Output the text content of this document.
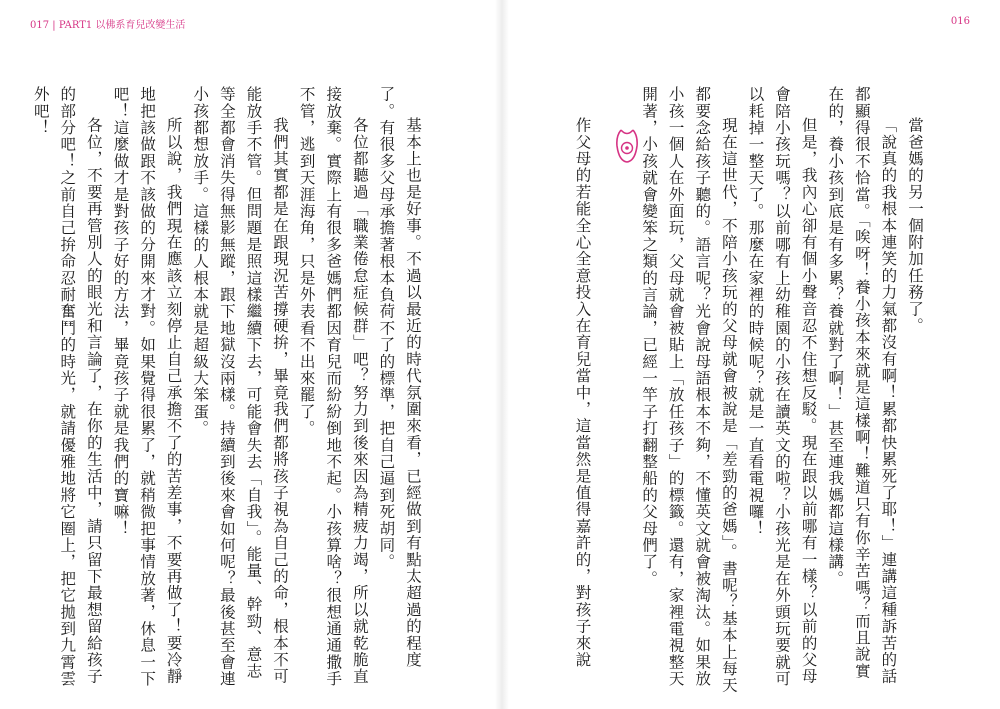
017 | PART1 以佛系育兒改變生活	016

當爸媽的另一個附加任務了。

「說真的我根本連笑的力氣都沒有啊！累都快累死了耶！」連講這種訴苦的話都顯得很不恰當。「唉呀！養小孩本來就是這樣啊！難道只有你辛苦嗎？而且說實在的，養小孩到底是有多累？養就對了啊！」甚至連我媽都這樣講。

但是，我內心卻有個小聲音忍不住想反駁。現在跟以前哪有一樣？以前的父母會陪小孩玩嗎？以前哪有上幼稚園的小孩在讀英文的啦？小孩光是在外頭玩要就可以耗掉一整天了。那麼在家裡的時候呢？就是一直看電視囉！

現在這世代，不陪小孩玩的父母就會被說是「差勁的爸媽」。書呢？基本上每天都要念給孩子聽的。語言呢？光會說母語根本不夠，不懂英文就會被淘汰。如果放小孩一個人在外面玩，父母就會被貼上「放任孩子」的標籤。還有，家裡電視整天開著，小孩就會變笨之類的言論，已經一竿子打翻整船的父母們了。

作父母的若能全心全意投入在育兒當中，這當然是值得嘉許的，對孩子來說

基本上也是好事。不過以最近的時代氛圍來看，已經做到有點太超過的程度了。有很多父母承擔著根本負荷不了的標準，把自己逼到死胡同。

各位都聽過「職業倦怠症候群」吧？努力到後來因為精疲力竭，所以就乾脆直接放棄。實際上有很多爸媽們都因育兒而紛紛倒地不起。小孩算啥？很想通通撒手不管，逃到天涯海角，只是外表看不出來罷了。

我們其實都是在跟現況苦撐硬拚，畢竟我們都將孩子視為自己的命，根本不可能放手不管。但問題是照這樣繼續下去，可能會失去「自我」。能量、幹勁、意志等全都會消失得無影無蹤，跟下地獄沒兩樣。持續到後來會如何呢？最後甚至會連小孩都想放手。這樣的人根本就是超級大笨蛋。

所以說，我們現在應該立刻停止自己承擔不了的苦差事，不要再做了！要冷靜地把該做跟不該做的分開來才對。如果覺得很累了，就稍微把事情放著，休息一下吧！這麼做才是對孩子好的方法，畢竟孩子就是我們的寶嘛！

各位，不要再管別人的眼光和言論了，在你的生活中，請只留下最想留給孩子的部分吧！之前自己拚命忍耐奮鬥的時光，就請優雅地將它圈上，把它拋到九霄雲外吧！
